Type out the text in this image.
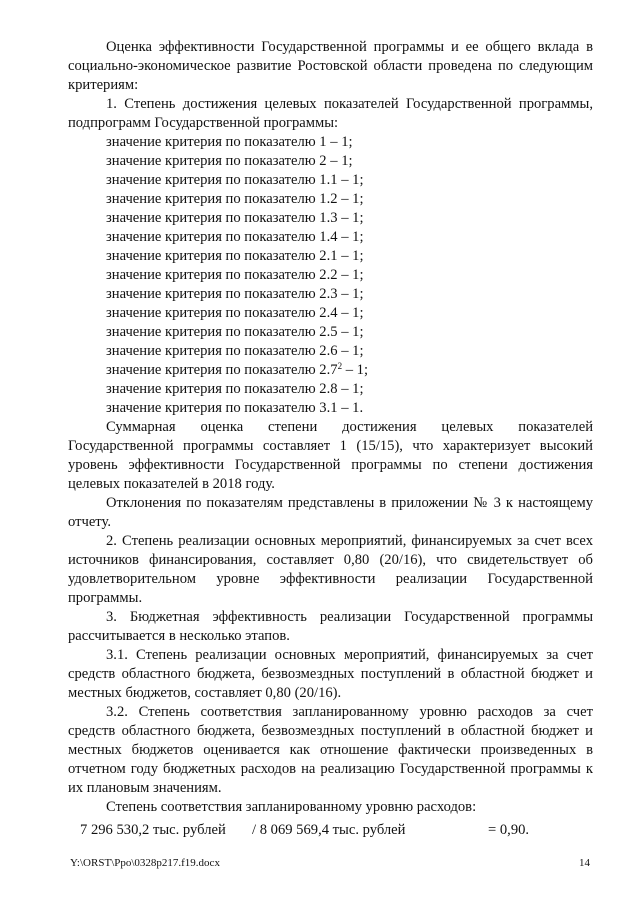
Оценка эффективности Государственной программы и ее общего вклада в социально-экономическое развитие Ростовской области проведена по следующим критериям:

1. Степень достижения целевых показателей Государственной программы, подпрограмм Государственной программы:

значение критерия по показателю 1 – 1;

значение критерия по показателю 2 – 1;

значение критерия по показателю 1.1 – 1;

значение критерия по показателю 1.2 – 1;

значение критерия по показателю 1.3 – 1;

значение критерия по показателю 1.4 – 1;

значение критерия по показателю 2.1 – 1;

значение критерия по показателю 2.2 – 1;

значение критерия по показателю 2.3 – 1;

значение критерия по показателю 2.4 – 1;

значение критерия по показателю 2.5 – 1;

значение критерия по показателю 2.6 – 1;

значение критерия по показателю $2.7^2 - 1$;

значение критерия по показателю 2.8 – 1;

значение критерия по показателю 3.1 – 1.

Суммарная оценка степени достижения целевых показателей Государственной программы составляет 1 (15/15), что характеризует высокий уровень эффективности Государственной программы по степени достижения целевых показателей в 2018 году.

Отклонения по показателям представлены в приложении № 3 к настоящему отчету.

2. Степень реализации основных мероприятий, финансируемых за счет всех источников финансирования, составляет 0,80 (20/16), что свидетельствует об удовлетворительном уровне эффективности реализации Государственной программы.

3. Бюджетная эффективность реализации Государственной программы рассчитывается в несколько этапов.

3.1. Степень реализации основных мероприятий, финансируемых за счет средств областного бюджета, безвозмездных поступлений в областной бюджет и местных бюджетов, составляет 0,80 (20/16).

3.2. Степень соответствия запланированному уровню расходов за счет средств областного бюджета, безвозмездных поступлений в областной бюджет и местных бюджетов оценивается как отношение фактически произведенных в отчетном году бюджетных расходов на реализацию Государственной программы к их плановым значениям.

Степень соответствия запланированному уровню расходов:

7 296 530,2 тыс. рублей / 8 069 569,4 тыс. рублей	= 0,90.
Y:\ORST\Ppo\0328p217.f19.docx	14
